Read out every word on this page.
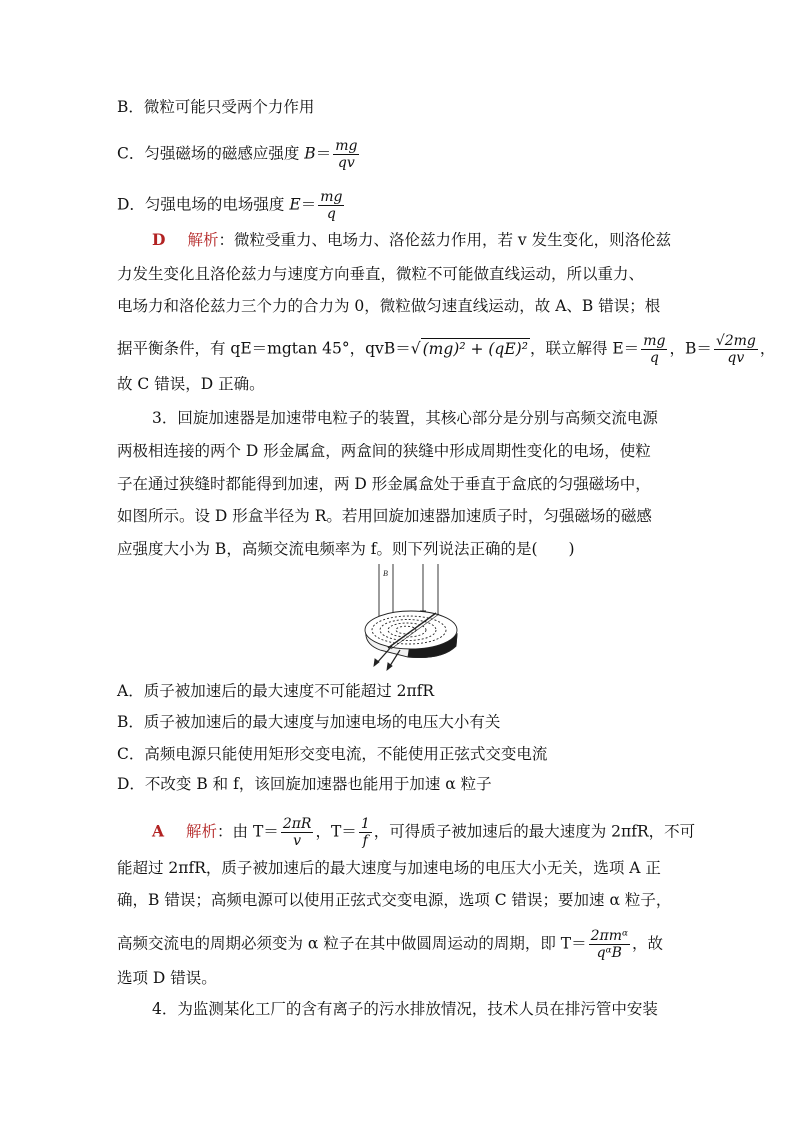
B．微粒可能只受两个力作用
C．匀强磁场的磁感应强度 $B= \frac{mg}{qv}$
D．匀强电场的电场强度 $E= \frac{mg}{q}$
D 解析：微粒受重力、电场力、洛伦兹力作用，若 v 发生变化，则洛伦兹
力发生变化且洛伦兹力与速度方向垂直，微粒不可能做直线运动，所以重力、
电场力和洛伦兹力三个力的合力为 0，微粒做匀速直线运动，故 A、B 错误；根
据平衡条件，有 qE＝mgtan 45°，qvB＝√ (mg)² + (qE)² ，联立解得 $E= \frac{mg}{q}$ ，$B= \frac{√2mg}{qv}$ ，
故 C 错误，D 正确。
3．回旋加速器是加速带电粒子的装置，其核心部分是分别与高频交流电源
两极相连接的两个 D 形金属盒，两盒间的狭缝中形成周期性变化的电场，使粒
子在通过狭缝时都能得到加速，两 D 形金属盒处于垂直于盒底的匀强磁场中，
如图所示。设 D 形盒半径为 R。若用回旋加速器加速质子时，匀强磁场的磁感
应强度大小为 B，高频交流电频率为 f。则下列说法正确的是(　　)
B
A．质子被加速后的最大速度不可能超过 2πfR
B．质子被加速后的最大速度与加速电场的电压大小有关
C．高频电源只能使用矩形交变电流，不能使用正弦式交变电流
D．不改变 B 和 f，该回旋加速器也能用于加速 α 粒子
A 解析：由 $T= \frac{2\pi R}{v}$ ，$T= \frac{1}{f}$ ，可得质子被加速后的最大速度为 2πfR，不可
能超过 2πfR，质子被加速后的最大速度与加速电场的电压大小无关，选项 A 正
确，B 错误；高频电源可以使用正弦式交变电源，选项 C 错误；要加速 α 粒子，
高频交流电的周期必须变为 α 粒子在其中做圆周运动的周期，即 $T= \frac{\text{2πmᵅ}}{\text{qᵅB}}$ ，故
选项 D 错误。
4．为监测某化工厂的含有离子的污水排放情况，技术人员在排污管中安装
